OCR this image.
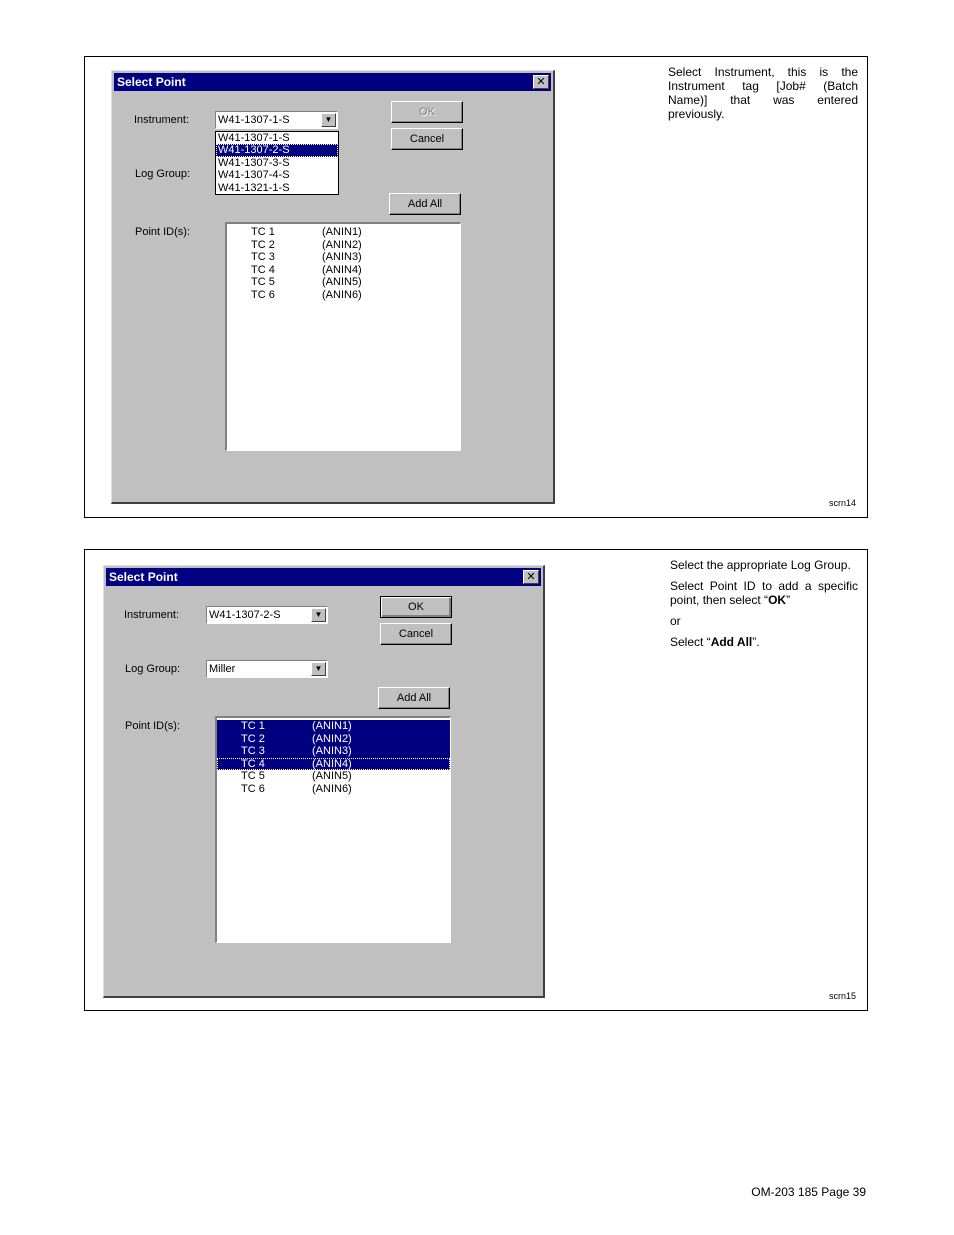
Select Point	✕
Instrument:	W41-1307-1-S	▼
W41-1307-1-S
W41-1307-2-S
W41-1307-3-S
W41-1307-4-S
W41-1321-1-S
Log Group:
OK
Cancel
Add All
Point ID(s):	TC 1	(ANIN1)
TC 2	(ANIN2)
TC 3	(ANIN3)
TC 4	(ANIN4)
TC 5	(ANIN5)
TC 6	(ANIN6)

Select Instrument, this is the Instrument tag [Job# (Batch Name)] that was entered previously.

scrn14
Select Point	✕
Instrument:	W41-1307-2-S	▼
Log Group:	Miller	▼
OK
Cancel
Add All
Point ID(s):	TC 1	(ANIN1)
TC 2	(ANIN2)
TC 3	(ANIN3)
TC 4	(ANIN4)
TC 5	(ANIN5)
TC 6	(ANIN6)

Select the appropriate Log Group.

Select Point ID to add a specific point, then select “OK”

or

Select “Add All”.

scrn15
OM-203 185 Page 39
